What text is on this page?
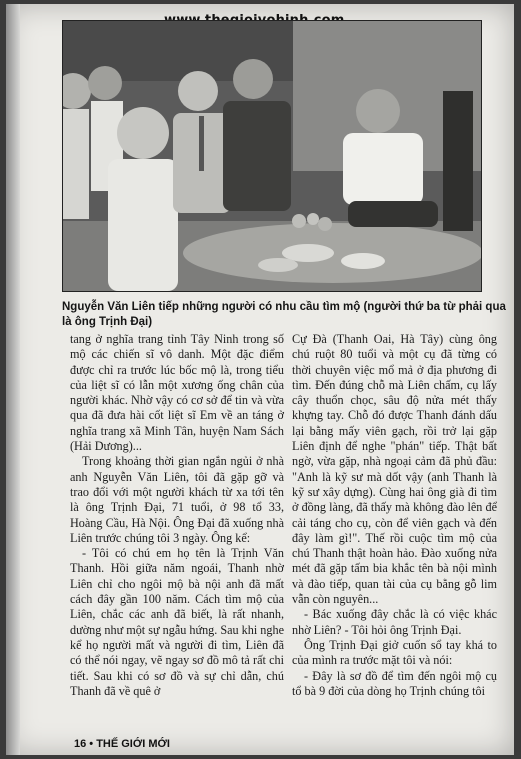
Nguyễn Văn Liên tiếp những người có nhu cầu tìm mộ (người thứ ba từ phải qua là ông Trịnh Đại)

tang ở nghĩa trang tỉnh Tây Ninh trong số mộ các chiến sĩ vô danh. Một đặc điểm được chỉ ra trước lúc bốc mộ là, trong tiểu của liệt sĩ có lẫn một xương ống chân của người khác. Nhờ vậy có cơ sở để tin và vừa qua đã đưa hài cốt liệt sĩ Em về an táng ở nghĩa trang xã Minh Tân, huyện Nam Sách (Hải Dương)...

Trong khoảng thời gian ngắn ngủi ở nhà anh Nguyễn Văn Liên, tôi đã gặp gỡ và trao đổi với một người khách từ xa tới tên là ông Trịnh Đại, 71 tuổi, ở 98 tổ 33, Hoàng Cầu, Hà Nội. Ông Đại đã xuống nhà Liên trước chúng tôi 3 ngày. Ông kể:

- Tôi có chú em họ tên là Trịnh Văn Thanh. Hồi giữa năm ngoái, Thanh nhờ Liên chỉ cho ngôi mộ bà nội anh đã mất cách đây gần 100 năm. Cách tìm mộ của Liên, chắc các anh đã biết, là rất nhanh, dường như một sự ngẫu hứng. Sau khi nghe kể họ người mất và người đi tìm, Liên đã có thể nói ngay, vẽ ngay sơ đồ mô tả rất chi tiết. Sau khi có sơ đồ và sự chỉ dẫn, chú Thanh đã về quê ở

Cự Đà (Thanh Oai, Hà Tây) cùng ông chú ruột 80 tuổi và một cụ đã từng có thời chuyên việc mổ mả ở địa phương đi tìm. Đến đúng chỗ mà Liên chấm, cụ lấy cây thuổn chọc, sâu độ nửa mét thấy khựng tay. Chỗ đó được Thanh đánh dấu lại bằng mấy viên gạch, rồi trở lại gặp Liên định để nghe "phán" tiếp. Thật bất ngờ, vừa gặp, nhà ngoại cảm đã phủ đầu: "Anh là kỹ sư mà dốt vậy (anh Thanh là kỹ sư xây dựng). Cùng hai ông già đi tìm ở đồng làng, đã thấy mà không đào lên để cải táng cho cụ, còn để viên gạch và đến đây làm gì!". Thế rồi cuộc tìm mộ của chú Thanh thật hoàn hảo. Đào xuống nửa mét đã gặp tấm bia khắc tên bà nội mình và đào tiếp, quan tài của cụ bằng gỗ lim vẫn còn nguyên...

- Bác xuống đây chắc là có việc khác nhờ Liên? - Tôi hỏi ông Trịnh Đại.

Ông Trịnh Đại giở cuốn sổ tay khá to của mình ra trước mặt tôi và nói:

- Đây là sơ đồ để tìm đến ngôi mộ cụ tổ bà 9 đời của dòng họ Trịnh chúng tôi

16 • THẾ GIỚI MỚI
